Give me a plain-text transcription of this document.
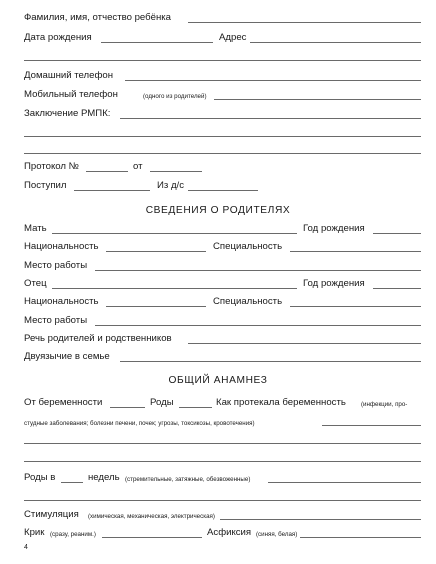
Фамилия, имя, отчество ребёнка
Дата рождения	Адрес
Домашний телефон
Мобильный телефон	(одного из родителей)
Заключение РМПК:
Протокол №	от
Поступил	Из д/с
СВЕДЕНИЯ О РОДИТЕЛЯХ
Мать	Год рождения
Национальность	Специальность
Место работы
Отец	Год рождения
Национальность	Специальность
Место работы
Речь родителей и родственников
Двуязычие в семье
ОБЩИЙ АНАМНЕЗ
От беременности	Роды	Как протекала беременность (инфекции, про-
студные заболевания; болезни печени, почек; угрозы, токсикозы, кровотечения)
Роды в	недель (стремительные, затяжные, обезвоженные)
Стимуляция (химическая, механическая, электрическая)
Крик (сразу, реаним.)	Асфиксия (синяя, белая)
4
